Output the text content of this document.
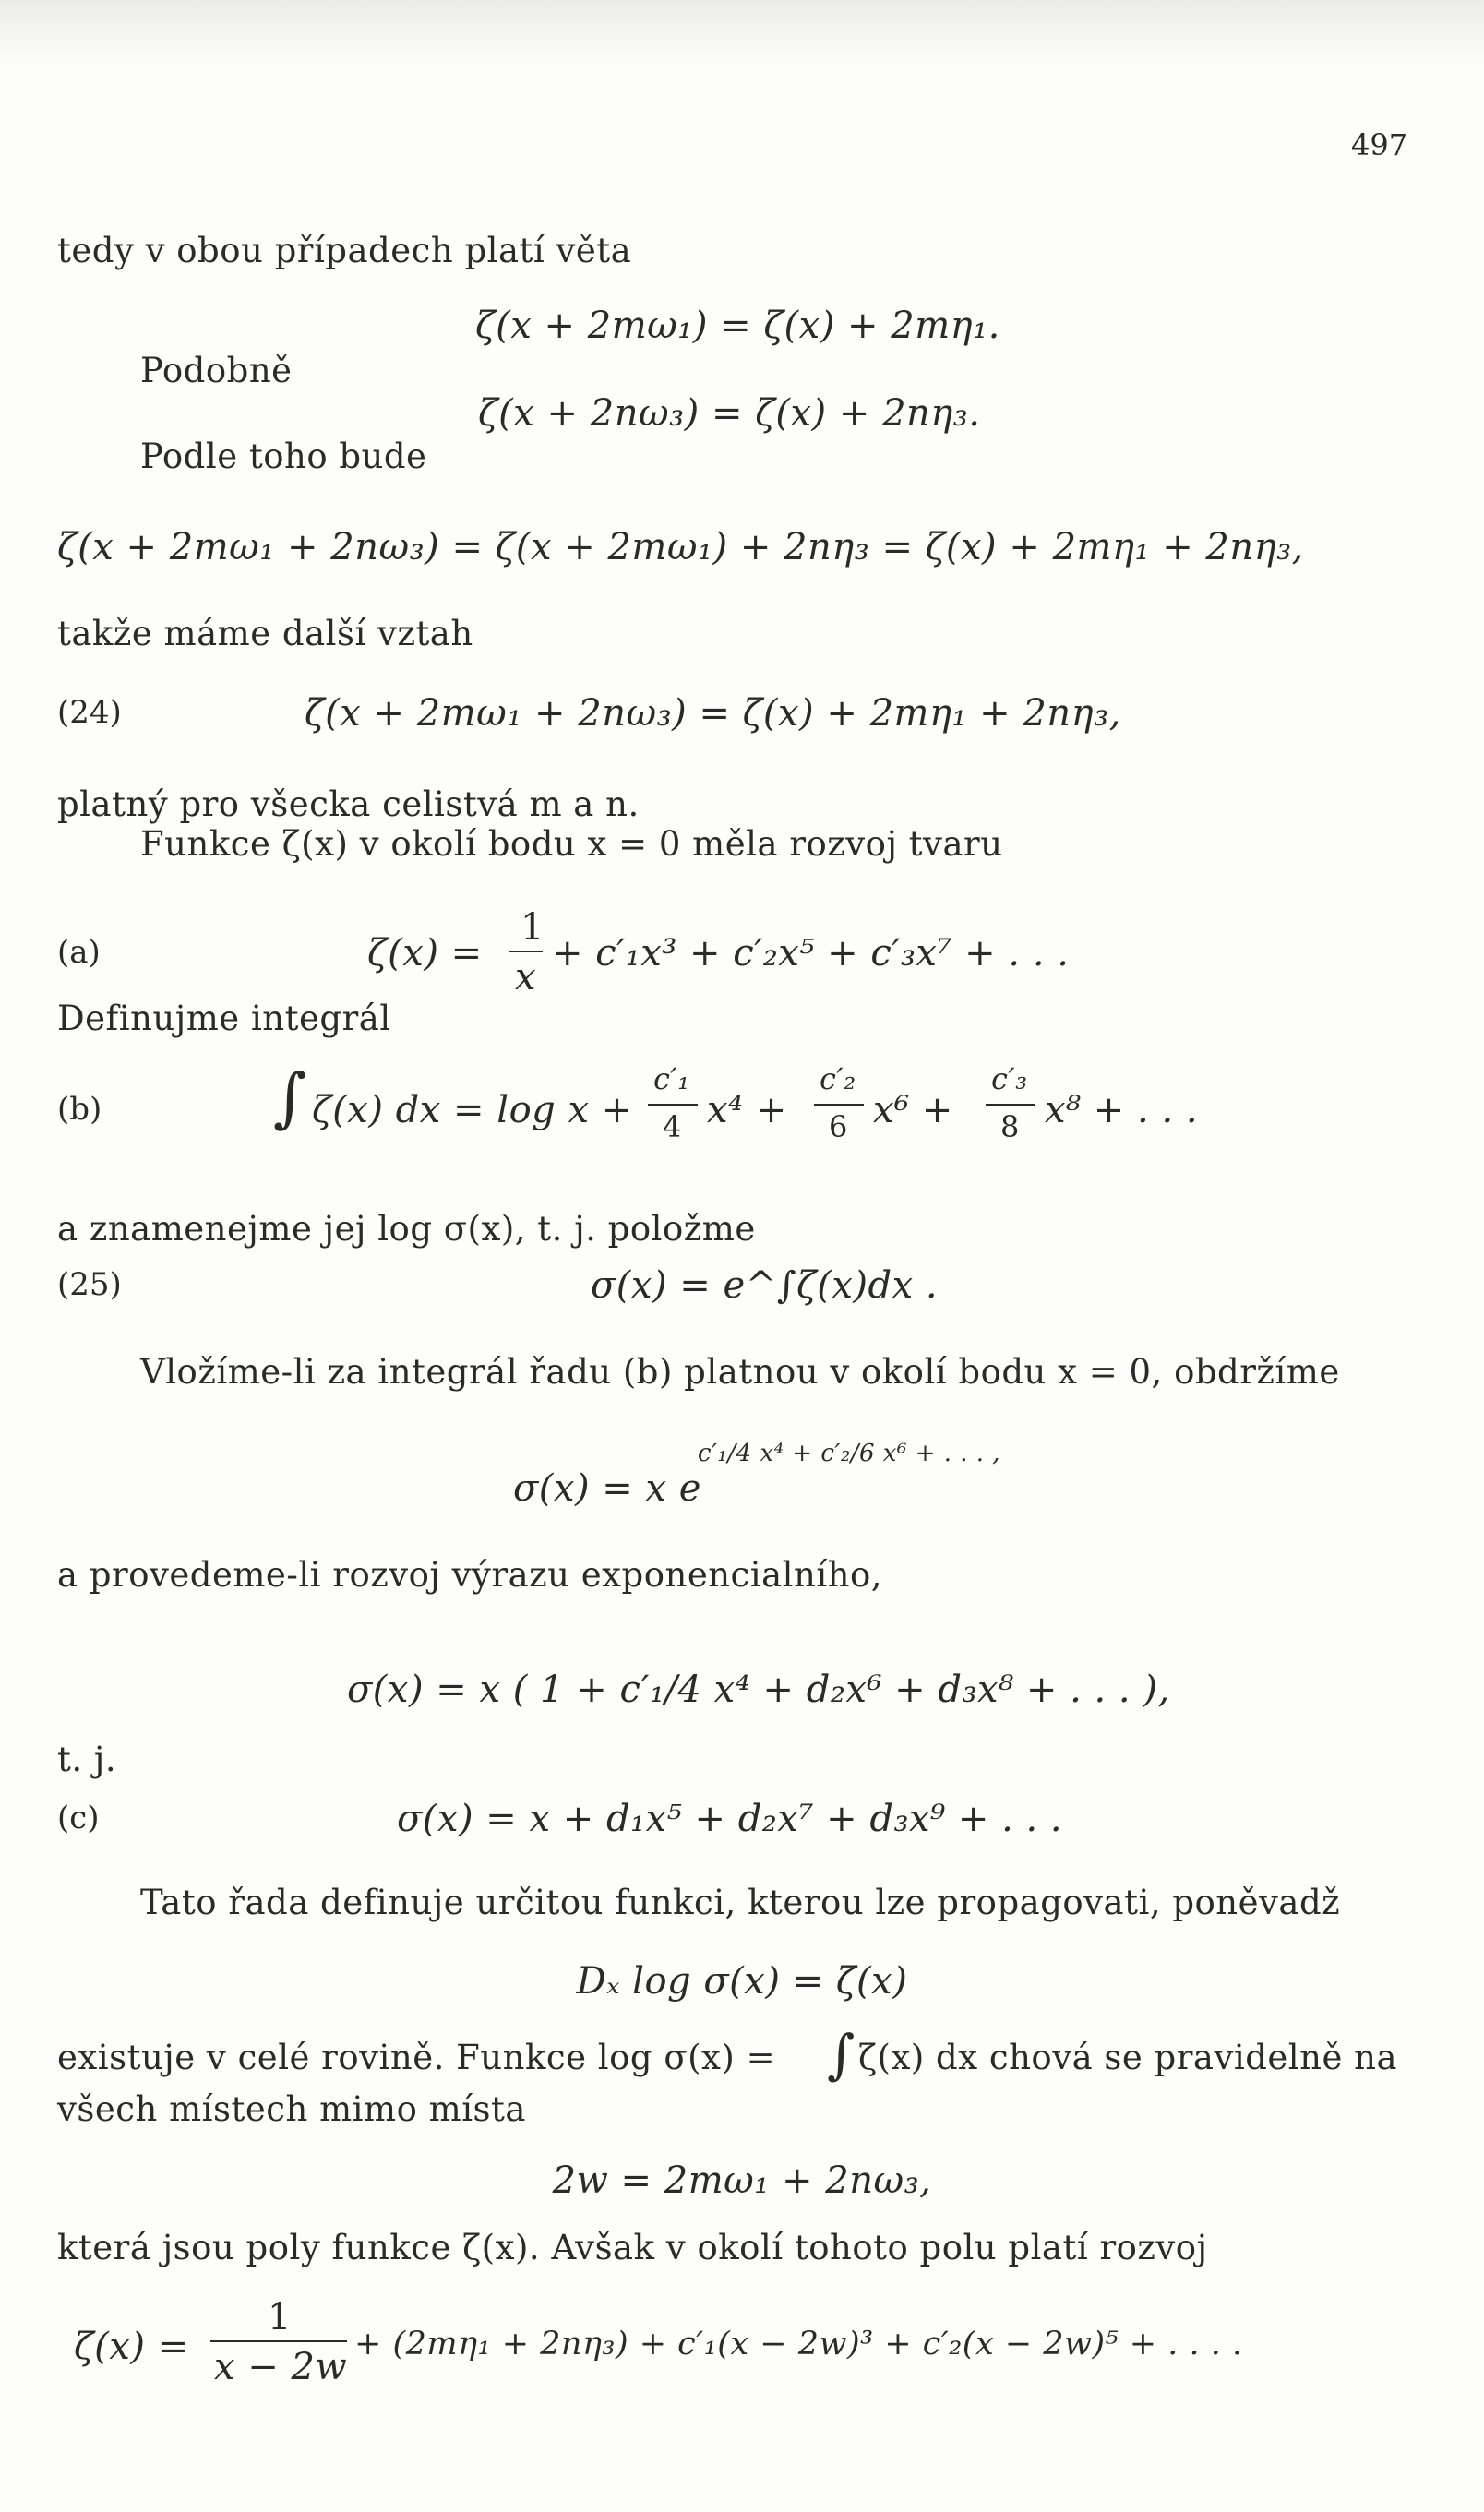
497
tedy v obou případech platí věta
ζ(x + 2mω₁) = ζ(x) + 2mη₁.
Podobně
ζ(x + 2nω₃) = ζ(x) + 2nη₃.
Podle toho bude
ζ(x + 2mω₁ + 2nω₃) = ζ(x + 2mω₁) + 2nη₃ = ζ(x) + 2mη₁ + 2nη₃,
takže máme další vztah
(24)	ζ(x + 2mω₁ + 2nω₃) = ζ(x) + 2mη₁ + 2nη₃,
platný pro všecka celistvá m a n.
Funkce ζ(x) v okolí bodu x = 0 měla rozvoj tvaru
(a)	ζ(x) =
1
x
+ c′₁x³ + c′₂x⁵ + c′₃x⁷ + . . .
Definujme integrál
(b)	∫ ζ(x) dx = log x +
c′₁
4 x⁴ +
c′₂
6 x⁶ +
c′₃
8 x⁸ + . . .
a znamenejme jej log σ(x), t. j. položme
(25)	σ(x) = e^∫ζ(x)dx .
Vložíme-li za integrál řadu (b) platnou v okolí bodu x = 0, obdržíme
σ(x) = x e
c′₁/4 x⁴ + c′₂/6 x⁶ + . . . ,
a provedeme-li rozvoj výrazu exponencialního,
σ(x) = x ( 1 + c′₁/4 x⁴ + d₂x⁶ + d₃x⁸ + . . . ),
t. j.
(c)	σ(x) = x + d₁x⁵ + d₂x⁷ + d₃x⁹ + . . .
Tato řada definuje určitou funkci, kterou lze propagovati, poněvadž
Dₓ log σ(x) = ζ(x)
existuje v celé rovině. Funkce log σ(x) = ∫ ζ(x) dx chová se pravidelně na
všech místech mimo místa
2w = 2mω₁ + 2nω₃,
která jsou poly funkce ζ(x). Avšak v okolí tohoto polu platí rozvoj
ζ(x) =
1
x − 2w
+ (2mη₁ + 2nη₃) + c′₁(x − 2w)³ + c′₂(x − 2w)⁵ + . . . .
